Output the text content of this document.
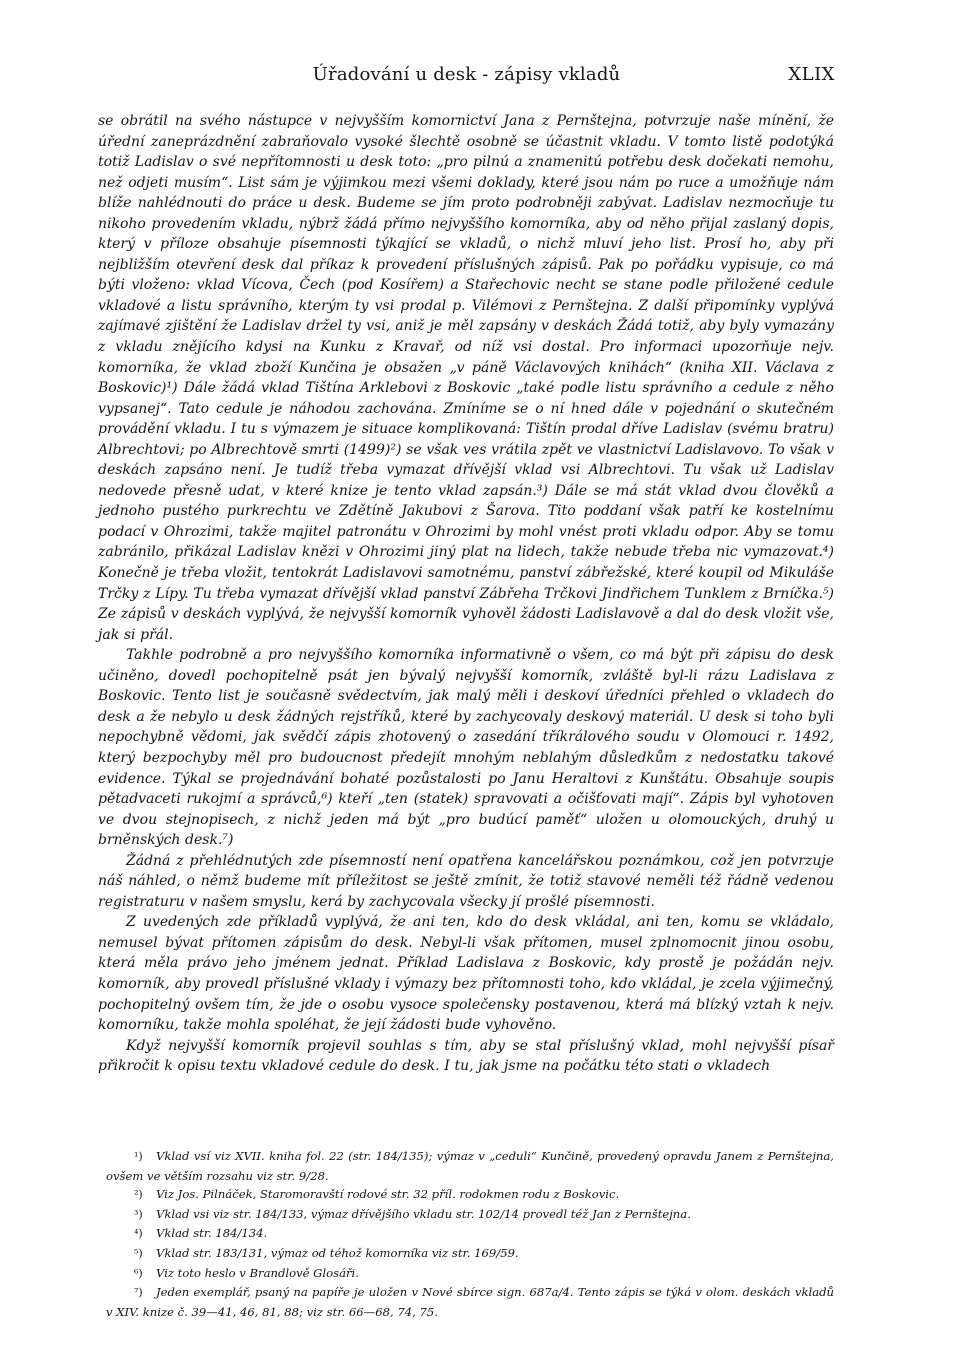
Úřadování u desk - zápisy vkladů	XLIX

se obrátil na svého nástupce v nejvyšším komornictví Jana z Pernštejna, potvrzuje naše mínění, že úřední zaneprázdnění zabraňovalo vysoké šlechtě osobně se účastnit vkladu. V tomto listě podotýká totiž Ladislav o své nepřítomnosti u desk toto: „pro pilnú a znamenitú potřebu desk dočekati nemohu, než odjeti musím“. List sám je výjimkou mezi všemi doklady, které jsou nám po ruce a umožňuje nám blíže nahlédnouti do práce u desk. Budeme se jím proto podrobněji zabývat. Ladislav nezmocňuje tu nikoho provedením vkladu, nýbrž žádá přímo nejvyššího komorníka, aby od něho přijal zaslaný dopis, který v příloze obsahuje písemnosti týkající se vkladů, o nichž mluví jeho list. Prosí ho, aby při nejbližším otevření desk dal příkaz k provedení příslušných zápisů. Pak po pořádku vypisuje, co má býti vloženo: vklad Vícova, Čech (pod Kosířem) a Stařechovic necht se stane podle přiložené cedule vkladové a listu správního, kterým ty vsi prodal p. Vilémovi z Pernštejna. Z další připomínky vyplývá zajímavé zjištění že Ladislav držel ty vsi, aniž je měl zapsány v deskách Žádá totiž, aby byly vymazány z vkladu znějícího kdysi na Kunku z Kravař, od níž vsi dostal. Pro informaci upozorňuje nejv. komorníka, že vklad zboží Kunčina je obsažen „v páně Václavových knihách“ (kniha XII. Václava z Boskovic)¹) Dále žádá vklad Tištína Arklebovi z Boskovic „také podle listu správního a cedule z něho vypsanej“. Tato cedule je náhodou zachována. Zmíníme se o ní hned dále v pojednání o skutečném provádění vkladu. I tu s výmazem je situace komplikovaná: Tištín prodal dříve Ladislav (svému bratru) Albrechtovi; po Albrechtově smrti (1499)²) se však ves vrátila zpět ve vlastnictví Ladislavovo. To však v deskách zapsáno není. Je tudíž třeba vymazat dřívější vklad vsi Albrechtovi. Tu však už Ladislav nedovede přesně udat, v které knize je tento vklad zapsán.³) Dále se má stát vklad dvou člověků a jednoho pustého purkrechtu ve Zdětíně Jakubovi z Šarova. Tito poddaní však patří ke kostelnímu podací v Ohrozimi, takže majitel patronátu v Ohrozimi by mohl vnést proti vkladu odpor. Aby se tomu zabránilo, přikázal Ladislav knězi v Ohrozimi jiný plat na lidech, takže nebude třeba nic vymazovat.⁴) Konečně je třeba vložit, tentokrát Ladislavovi samotnému, panství zábřežské, které koupil od Mikuláše Trčky z Lípy. Tu třeba vymazat dřívější vklad panství Zábřeha Trčkovi Jindřichem Tunklem z Brníčka.⁵) Ze zápisů v deskách vyplývá, že nejvyšší komorník vyhověl žádosti Ladislavově a dal do desk vložit vše, jak si přál.

Takhle podrobně a pro nejvyššího komorníka informativně o všem, co má být při zápisu do desk učiněno, dovedl pochopitelně psát jen bývalý nejvyšší komorník, zvláště byl-li rázu Ladislava z Boskovic. Tento list je současně svědectvím, jak malý měli i deskoví úředníci přehled o vkladech do desk a že nebylo u desk žádných rejstříků, které by zachycovaly deskový materiál. U desk si toho byli nepochybně vědomi, jak svědčí zápis zhotovený o zasedání tříkrálového soudu v Olomouci r. 1492, který bezpochyby měl pro budoucnost předejít mnohým neblahým důsledkům z nedostatku takové evidence. Týkal se projednávání bohaté pozůstalosti po Janu Heraltovi z Kunštátu. Obsahuje soupis pětadvaceti rukojmí a správců,⁶) kteří „ten (statek) spravovati a očišťovati mají“. Zápis byl vyhotoven ve dvou stejnopisech, z nichž jeden má být „pro budúcí paměť“ uložen u olomouckých, druhý u brněnských desk.⁷)

Žádná z přehlédnutých zde písemností není opatřena kancelářskou poznámkou, což jen potvrzuje náš náhled, o němž budeme mít příležitost se ještě zmínit, že totiž stavové neměli též řádně vedenou registraturu v našem smyslu, kerá by zachycovala všecky jí prošlé písemnosti.

Z uvedených zde příkladů vyplývá, že ani ten, kdo do desk vkládal, ani ten, komu se vkládalo, nemusel bývat přítomen zápisům do desk. Nebyl-li však přítomen, musel zplnomocnit jinou osobu, která měla právo jeho jménem jednat. Příklad Ladislava z Boskovic, kdy prostě je požádán nejv. komorník, aby provedl příslušné vklady i výmazy bez přítomnosti toho, kdo vkládal, je zcela výjimečný, pochopitelný ovšem tím, že jde o osobu vysoce společensky postavenou, která má blízký vztah k nejv. komorníku, takže mohla spoléhat, že její žádosti bude vyhověno.

Když nejvyšší komorník projevil souhlas s tím, aby se stal příslušný vklad, mohl nejvyšší písař přikročit k opisu textu vkladové cedule do desk. I tu, jak jsme na počátku této stati o vkladech

¹) Vklad vsí viz XVII. kniha fol. 22 (str. 184/135); výmaz v „ceduli“ Kunčině, provedený opravdu Janem z Pernštejna, ovšem ve větším rozsahu viz str. 9/28.

²) Viz Jos. Pilnáček, Staromoravští rodové str. 32 příl. rodokmen rodu z Boskovic.

³) Vklad vsi viz str. 184/133, výmaz dřívějšího vkladu str. 102/14 provedl též Jan z Pernštejna.

⁴) Vklad str. 184/134.

⁵) Vklad str. 183/131, výmaz od téhož komorníka viz str. 169/59.

⁶) Viz toto heslo v Brandlově Glosáři.

⁷) Jeden exemplář, psaný na papíře je uložen v Nové sbírce sign. 687a/4. Tento zápis se týká v olom. deskách vkladů v XIV. knize č. 39—41, 46, 81, 88; viz str. 66—68, 74, 75.
